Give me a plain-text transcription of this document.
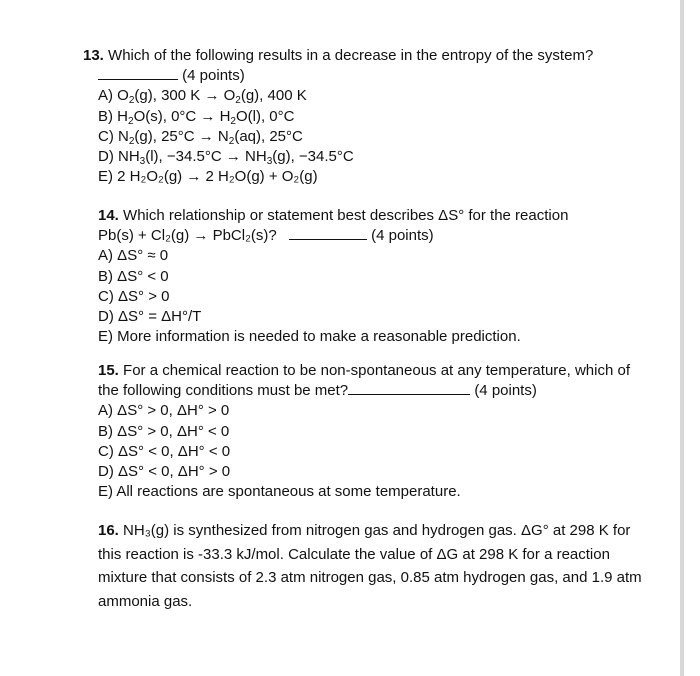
13. Which of the following results in a decrease in the entropy of the system?
(4 points)
A) $O_2(g)$, 300 $K \to O_2(g)$, 400 K
B) $H_2O(s)$, $0^\circ C \to H_2O(l)$, 0°C
C) $N_2(g)$, $25^\circ C \to N_2(aq)$, 25°C
D) $NH_3(l)$, $-34.5^\circ C \to NH_3(g)$, −34.5°C
E) 2 H₂O₂(g) → 2 H₂O(g) + O₂(g)
14. Which relationship or statement best describes ΔS° for the reaction
Pb(s) + Cl₂(g) → PbCl₂(s)?	(4 points)
A) ΔS° ≈ 0
B) ΔS° < 0
C) ΔS° > 0
D) ΔS° = ΔH°/T
E) More information is needed to make a reasonable prediction.
15. For a chemical reaction to be non-spontaneous at any temperature, which of
the following conditions must be met?	(4 points)
A) ΔS° > 0, ΔH° > 0
B) ΔS° > 0, ΔH° < 0
C) ΔS° < 0, ΔH° < 0
D) ΔS° < 0, ΔH° > 0
E) All reactions are spontaneous at some temperature.
16. NH₃(g) is synthesized from nitrogen gas and hydrogen gas. ΔG° at 298 K for
this reaction is -33.3 kJ/mol. Calculate the value of ΔG at 298 K for a reaction
mixture that consists of 2.3 atm nitrogen gas, 0.85 atm hydrogen gas, and 1.9 atm
ammonia gas.
